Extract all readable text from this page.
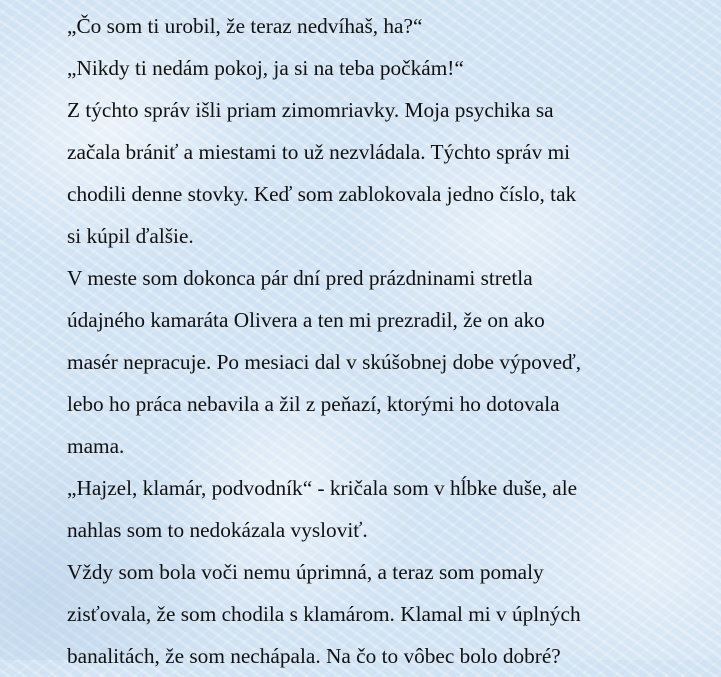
„Čo som ti urobil, že teraz nedvíhaš, ha?“
„Nikdy ti nedám pokoj, ja si na teba počkám!“
Z týchto správ išli priam zimomriavky. Moja psychika sa
začala brániť a miestami to už nezvládala. Týchto správ mi
chodili denne stovky. Keď som zablokovala jedno číslo, tak
si kúpil ďalšie.
V meste som dokonca pár dní pred prázdninami stretla
údajného kamaráta Olivera a ten mi prezradil, že on ako
masér nepracuje. Po mesiaci dal v skúšobnej dobe výpoveď,
lebo ho práca nebavila a žil z peňazí, ktorými ho dotovala
mama.
„Hajzel, klamár, podvodník“ - kričala som v hĺbke duše, ale
nahlas som to nedokázala vysloviť.
Vždy som bola voči nemu úprimná, a teraz som pomaly
zisťovala, že som chodila s klamárom. Klamal mi v úplných
banalitách, že som nechápala. Na čo to vôbec bolo dobré?
